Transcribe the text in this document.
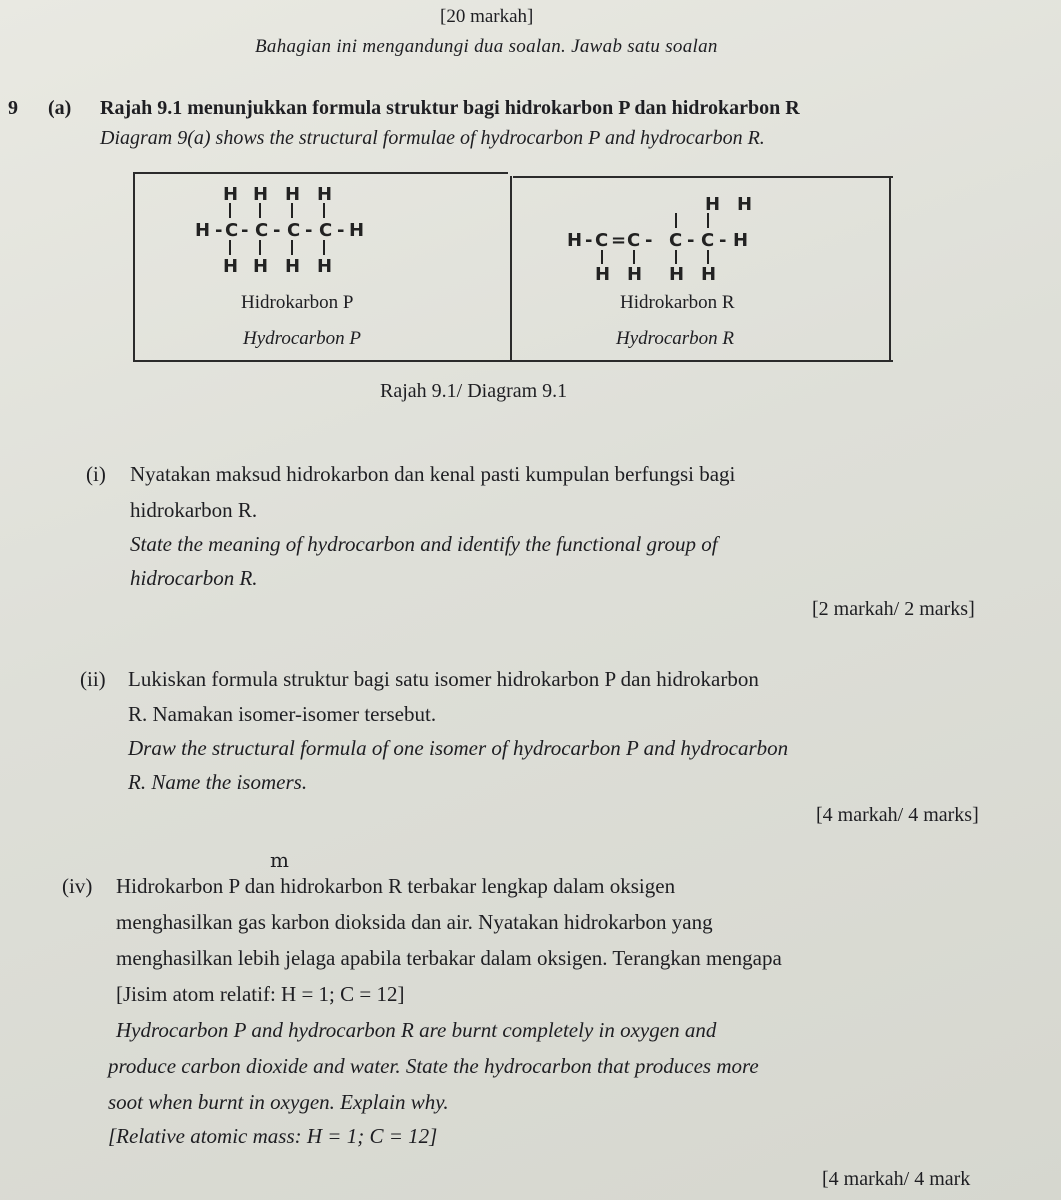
[20 markah]
Bahagian ini mengandungi dua soalan. Jawab satu soalan
9 (a) Rajah 9.1 menunjukkan formula struktur bagi hidrokarbon P dan hidrokarbon R
Diagram 9(a) shows the structural formulae of hydrocarbon P and hydrocarbon R.
H H H H
H - C - C - C - C - H
H H H H
H H
H - C = C - C - C - H
H H H H
Hidrokarbon P
Hydrocarbon P
Hidrokarbon R
Hydrocarbon R
Rajah 9.1/ Diagram 9.1
(i) Nyatakan maksud hidrokarbon dan kenal pasti kumpulan berfungsi bagi
hidrokarbon R.
State the meaning of hydrocarbon and identify the functional group of
hidrocarbon R.
[2 markah/ 2 marks]
(ii) Lukiskan formula struktur bagi satu isomer hidrokarbon P dan hidrokarbon
R. Namakan isomer-isomer tersebut.
Draw the structural formula of one isomer of hydrocarbon P and hydrocarbon
R. Name the isomers.
[4 markah/ 4 marks]
m
(iv) Hidrokarbon P dan hidrokarbon R terbakar lengkap dalam oksigen
menghasilkan gas karbon dioksida dan air. Nyatakan hidrokarbon yang
menghasilkan lebih jelaga apabila terbakar dalam oksigen. Terangkan mengapa
[Jisim atom relatif: H = 1; C = 12]
Hydrocarbon P and hydrocarbon R are burnt completely in oxygen and
produce carbon dioxide and water. State the hydrocarbon that produces more
soot when burnt in oxygen. Explain why.
[Relative atomic mass: H = 1; C = 12]
[4 markah/ 4 mark
